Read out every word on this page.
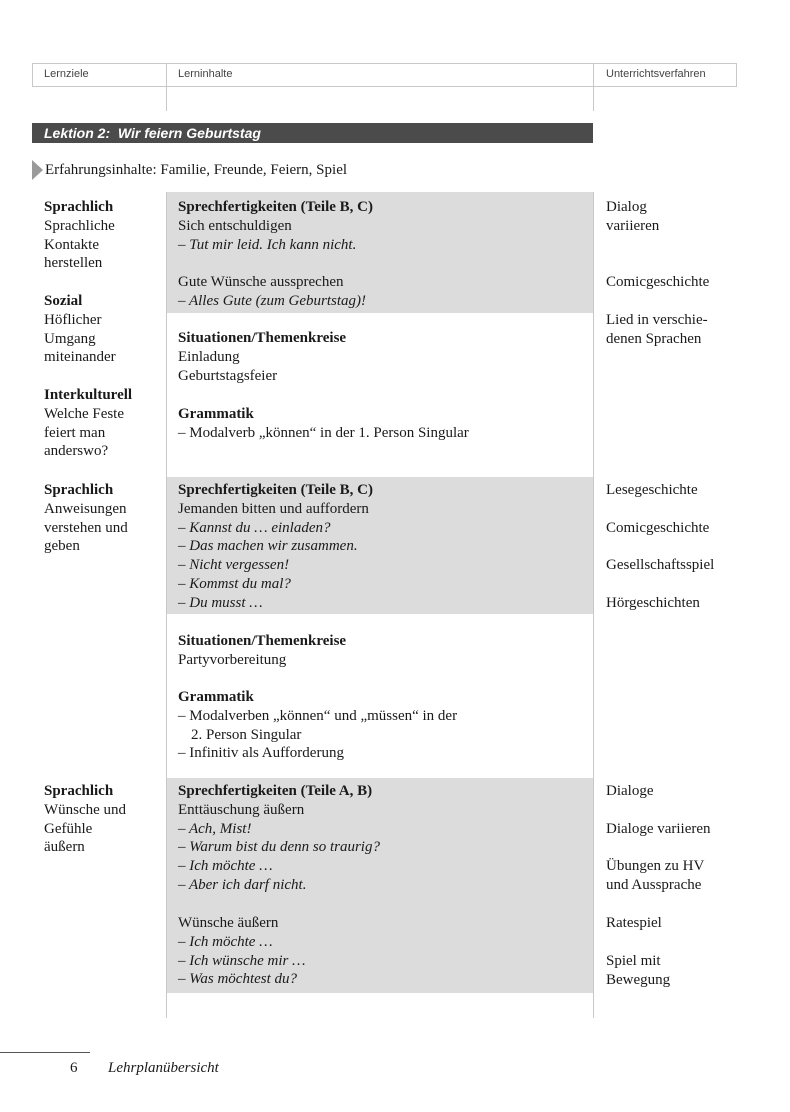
Lernziele	Lerninhalte	Unterrichtsverfahren
Lektion 2:  Wir feiern Geburtstag
Erfahrungsinhalte: Familie, Freunde, Feiern, Spiel
Sprachlich
Sprachliche
Kontakte
herstellen
Sozial
Höflicher
Umgang
miteinander
Interkulturell
Welche Feste
feiert man
anderswo?
Sprechfertigkeiten (Teile B, C)
Sich entschuldigen
– Tut mir leid. Ich kann nicht.
Gute Wünsche aussprechen
– Alles Gute (zum Geburtstag)!
Situationen/Themenkreise
Einladung
Geburtstagsfeier
Grammatik
– Modalverb „können“ in der 1. Person Singular
Dialog
variieren
Comicgeschichte
Lied in verschie-
denen Sprachen
Sprachlich
Anweisungen
verstehen und
geben
Sprechfertigkeiten (Teile B, C)
Jemanden bitten und auffordern
– Kannst du … einladen?
– Das machen wir zusammen.
– Nicht vergessen!
– Kommst du mal?
– Du musst …
Situationen/Themenkreise
Partyvorbereitung
Grammatik
– Modalverben „können“ und „müssen“ in der
2. Person Singular
– Infinitiv als Aufforderung
Lesegeschichte
Comicgeschichte
Gesellschaftsspiel
Hörgeschichten
Sprachlich
Wünsche und
Gefühle
äußern
Sprechfertigkeiten (Teile A, B)
Enttäuschung äußern
– Ach, Mist!
– Warum bist du denn so traurig?
– Ich möchte …
– Aber ich darf nicht.
Wünsche äußern
– Ich möchte …
– Ich wünsche mir …
– Was möchtest du?
Dialoge
Dialoge variieren
Übungen zu HV
und Aussprache
Ratespiel
Spiel mit
Bewegung
6 Lehrplanübersicht
